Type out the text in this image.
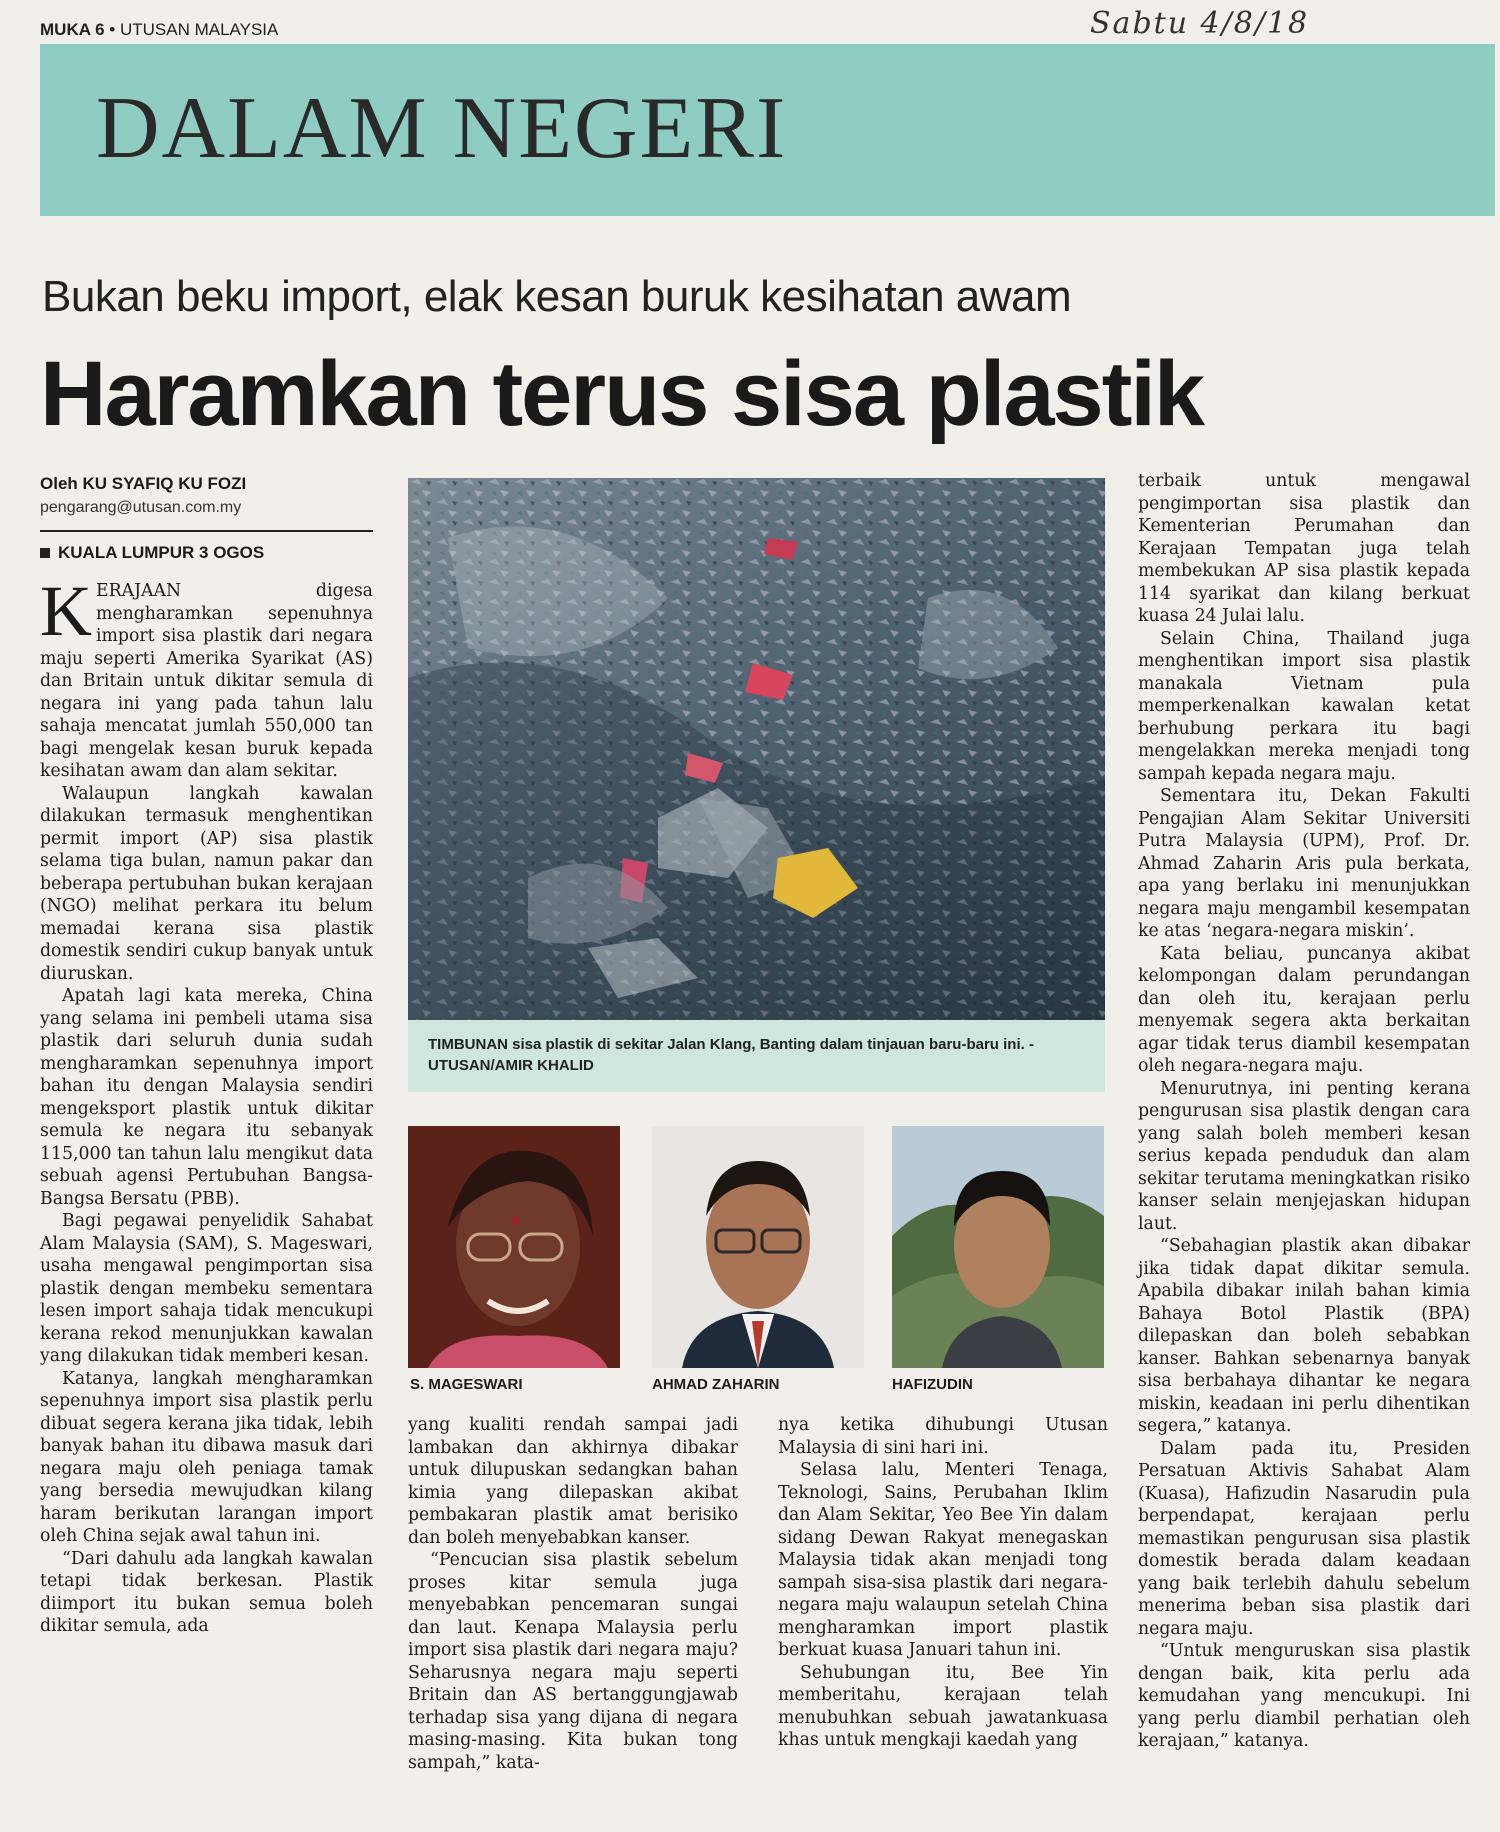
MUKA 6 • UTUSAN MALAYSIA	Sabtu 4/8/18
DALAM NEGERI
Bukan beku import, elak kesan buruk kesihatan awam
Haramkan terus sisa plastik
Oleh KU SYAFIQ KU FOZI
pengarang@utusan.com.my
KUALA LUMPUR 3 OGOS

KERAJAAN digesa mengharamkan sepenuhnya import sisa plastik dari negara maju seperti Amerika Syarikat (AS) dan Britain untuk dikitar semula di negara ini yang pada tahun lalu sahaja mencatat jumlah 550,000 tan bagi mengelak kesan buruk kepada kesihatan awam dan alam sekitar.

Walaupun langkah kawalan dilakukan termasuk menghentikan permit import (AP) sisa plastik selama tiga bulan, namun pakar dan beberapa pertubuhan bukan kerajaan (NGO) melihat perkara itu belum memadai kerana sisa plastik domestik sendiri cukup banyak untuk diuruskan.

Apatah lagi kata mereka, China yang selama ini pembeli utama sisa plastik dari seluruh dunia sudah mengharamkan sepenuhnya import bahan itu dengan Malaysia sendiri mengeksport plastik untuk dikitar semula ke negara itu sebanyak 115,000 tan tahun lalu mengikut data sebuah agensi Pertubuhan Bangsa-Bangsa Bersatu (PBB).

Bagi pegawai penyelidik Sahabat Alam Malaysia (SAM), S. Mageswari, usaha mengawal pengimportan sisa plastik dengan membeku sementara lesen import sahaja tidak mencukupi kerana rekod menunjukkan kawalan yang dilakukan tidak memberi kesan.

Katanya, langkah mengharamkan sepenuhnya import sisa plastik perlu dibuat segera kerana jika tidak, lebih banyak bahan itu dibawa masuk dari negara maju oleh peniaga tamak yang bersedia mewujudkan kilang haram berikutan larangan import oleh China sejak awal tahun ini.

“Dari dahulu ada langkah kawalan tetapi tidak berkesan. Plastik diimport itu bukan semua boleh dikitar semula, ada

TIMBUNAN sisa plastik di sekitar Jalan Klang, Banting dalam tinjauan baru-baru ini. - UTUSAN/AMIR KHALID
S. MAGESWARI	AHMAD ZAHARIN	HAFIZUDIN

yang kualiti rendah sampai jadi lambakan dan akhirnya dibakar untuk dilupuskan sedangkan bahan kimia yang dilepaskan akibat pembakaran plastik amat berisiko dan boleh menyebabkan kanser.

“Pencucian sisa plastik sebelum proses kitar semula juga menyebabkan pencemaran sungai dan laut. Kenapa Malaysia perlu import sisa plastik dari negara maju? Seharusnya negara maju seperti Britain dan AS bertanggungjawab terhadap sisa yang dijana di negara masing-masing. Kita bukan tong sampah,” kata-

nya ketika dihubungi Utusan Malaysia di sini hari ini.

Selasa lalu, Menteri Tenaga, Teknologi, Sains, Perubahan Iklim dan Alam Sekitar, Yeo Bee Yin dalam sidang Dewan Rakyat menegaskan Malaysia tidak akan menjadi tong sampah sisa-sisa plastik dari negara-negara maju walaupun setelah China mengharamkan import plastik berkuat kuasa Januari tahun ini.

Sehubungan itu, Bee Yin memberitahu, kerajaan telah menubuhkan sebuah jawatankuasa khas untuk mengkaji kaedah yang

terbaik untuk mengawal pengimportan sisa plastik dan Kementerian Perumahan dan Kerajaan Tempatan juga telah membekukan AP sisa plastik kepada 114 syarikat dan kilang berkuat kuasa 24 Julai lalu.

Selain China, Thailand juga menghentikan import sisa plastik manakala Vietnam pula memperkenalkan kawalan ketat berhubung perkara itu bagi mengelakkan mereka menjadi tong sampah kepada negara maju.

Sementara itu, Dekan Fakulti Pengajian Alam Sekitar Universiti Putra Malaysia (UPM), Prof. Dr. Ahmad Zaharin Aris pula berkata, apa yang berlaku ini menunjukkan negara maju mengambil kesempatan ke atas ‘negara-negara miskin’.

Kata beliau, puncanya akibat kelompongan dalam perundangan dan oleh itu, kerajaan perlu menyemak segera akta berkaitan agar tidak terus diambil kesempatan oleh negara-negara maju.

Menurutnya, ini penting kerana pengurusan sisa plastik dengan cara yang salah boleh memberi kesan serius kepada penduduk dan alam sekitar terutama meningkatkan risiko kanser selain menjejaskan hidupan laut.

“Sebahagian plastik akan dibakar jika tidak dapat dikitar semula. Apabila dibakar inilah bahan kimia Bahaya Botol Plastik (BPA) dilepaskan dan boleh sebabkan kanser. Bahkan sebenarnya banyak sisa berbahaya dihantar ke negara miskin, keadaan ini perlu dihentikan segera,” katanya.

Dalam pada itu, Presiden Persatuan Aktivis Sahabat Alam (Kuasa), Hafizudin Nasarudin pula berpendapat, kerajaan perlu memastikan pengurusan sisa plastik domestik berada dalam keadaan yang baik terlebih dahulu sebelum menerima beban sisa plastik dari negara maju.

“Untuk menguruskan sisa plastik dengan baik, kita perlu ada kemudahan yang mencukupi. Ini yang perlu diambil perhatian oleh kerajaan,” katanya.
